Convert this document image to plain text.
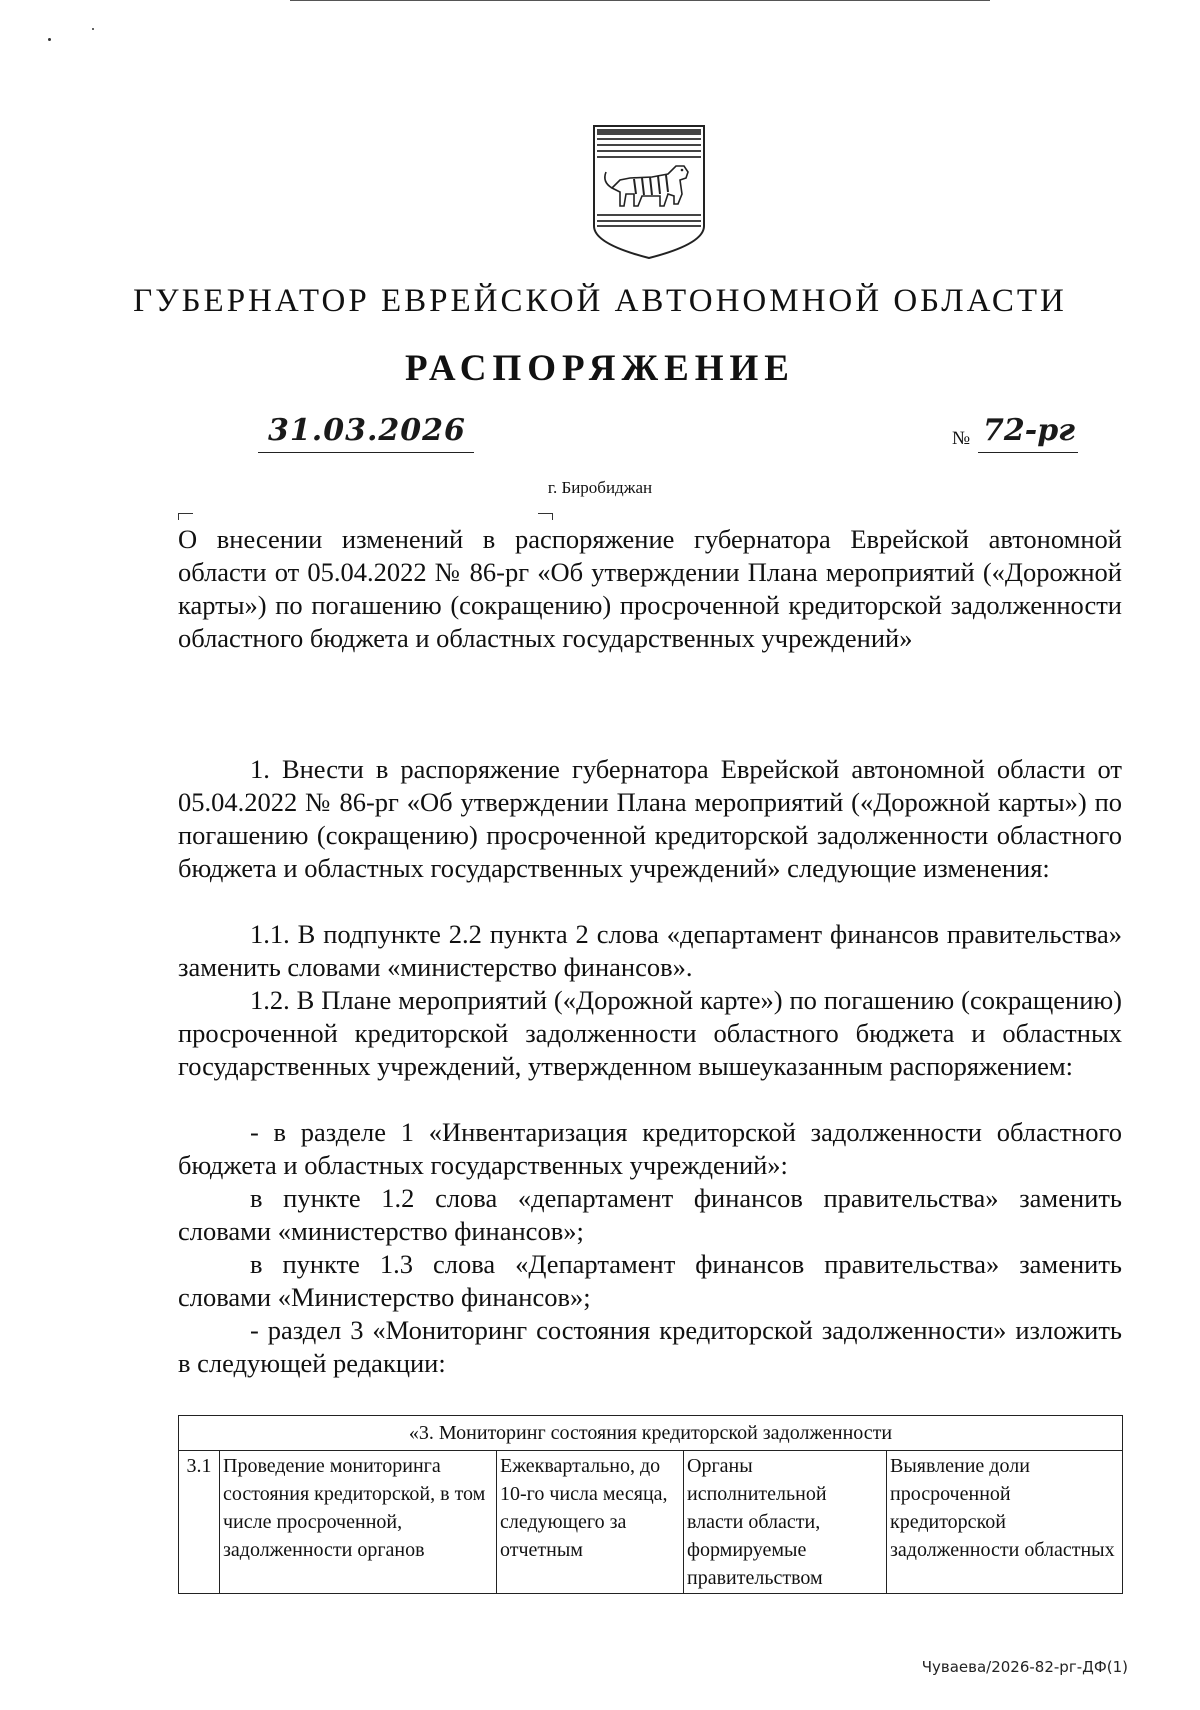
ГУБЕРНАТОР ЕВРЕЙСКОЙ АВТОНОМНОЙ ОБЛАСТИ
РАСПОРЯЖЕНИЕ
31.03.2026	№ 72-рг
г. Биробиджан

О внесении изменений в распоряжение губернатора Еврейской автономной области от 05.04.2022 № 86-рг «Об утверждении Плана мероприятий («Дорожной карты») по погашению (сокращению) просроченной кредиторской задолженности областного бюджета и областных государственных учреждений»

1. Внести в распоряжение губернатора Еврейской автономной области от 05.04.2022 № 86-рг «Об утверждении Плана мероприятий («Дорожной карты») по погашению (сокращению) просроченной кредиторской задолженности областного бюджета и областных государственных учреждений» следующие изменения:

1.1. В подпункте 2.2 пункта 2 слова «департамент финансов правительства» заменить словами «министерство финансов».

1.2. В Плане мероприятий («Дорожной карте») по погашению (сокращению) просроченной кредиторской задолженности областного бюджета и областных государственных учреждений, утвержденном вышеуказанным распоряжением:

- в разделе 1 «Инвентаризация кредиторской задолженности областного бюджета и областных государственных учреждений»:

в пункте 1.2 слова «департамент финансов правительства» заменить словами «министерство финансов»;

в пункте 1.3 слова «Департамент финансов правительства» заменить словами «Министерство финансов»;

- раздел 3 «Мониторинг состояния кредиторской задолженности» изложить в следующей редакции:

«3. Мониторинг состояния кредиторской задолженности
3.1	Проведение мониторинга состояния кредиторской, в том числе просроченной, задолженности органов	Ежеквартально, до 10-го числа месяца, следующего за отчетным	Органы исполнительной власти области, формируемые правительством	Выявление доли просроченной кредиторской задолженности областных
Чуваева/2026-82-рг-ДФ(1)
